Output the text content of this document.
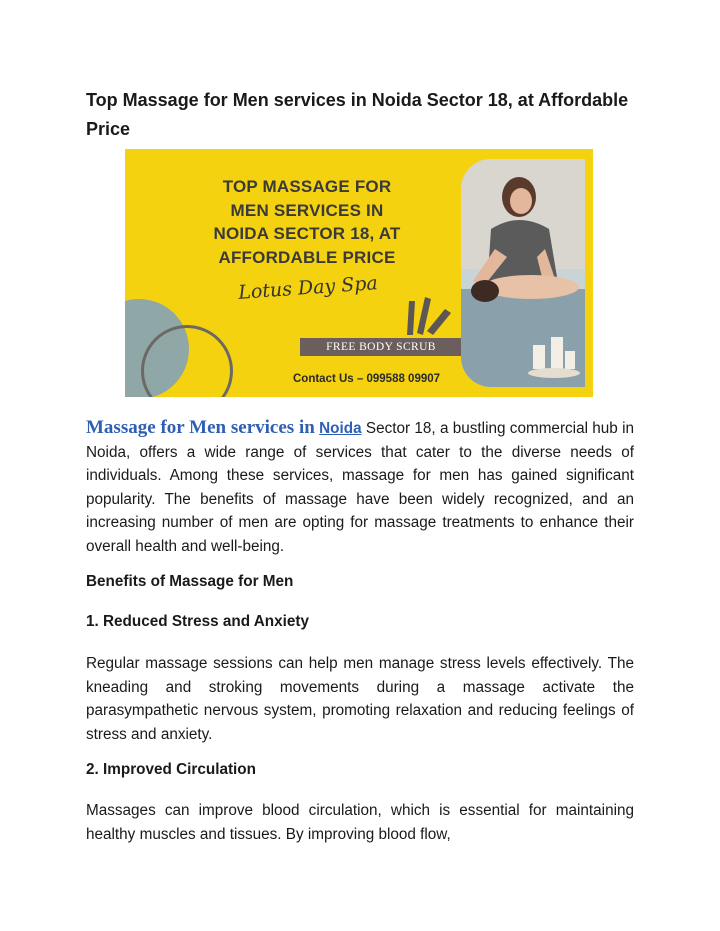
Top Massage for Men services in Noida Sector 18, at Affordable Price
TOP MASSAGE FOR
MEN SERVICES IN
NOIDA SECTOR 18, AT
AFFORDABLE PRICE
Lotus Day Spa
FREE BODY SCRUB
Contact Us – 099588 09907
Massage for Men services in Noida Sector 18, a bustling commercial hub in Noida, offers a wide range of services that cater to the diverse needs of individuals. Among these services, massage for men has gained significant popularity. The benefits of massage have been widely recognized, and an increasing number of men are opting for massage treatments to enhance their overall health and well-being.
Benefits of Massage for Men
1. Reduced Stress and Anxiety
Regular massage sessions can help men manage stress levels effectively. The kneading and stroking movements during a massage activate the parasympathetic nervous system, promoting relaxation and reducing feelings of stress and anxiety.
2. Improved Circulation
Massages can improve blood circulation, which is essential for maintaining healthy muscles and tissues. By improving blood flow,
